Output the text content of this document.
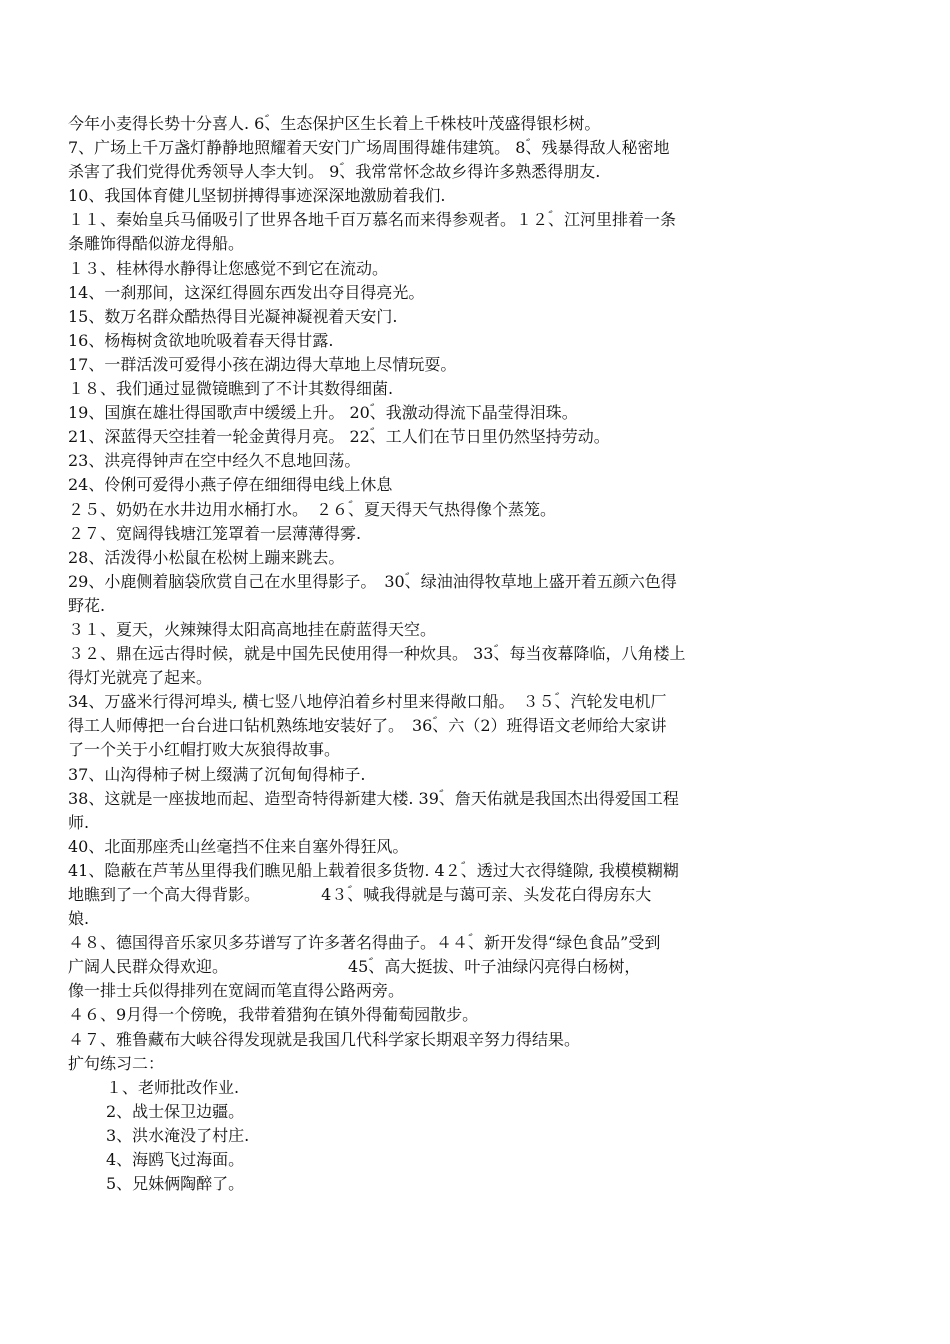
今年小麦得长势十分喜人. 6ؐ、生态保护区生长着上千株枝叶茂盛得银杉树。
7、广场上千万盏灯静静地照耀着天安门广场周围得雄伟建筑。 8ؐ、残暴得敌人秘密地
杀害了我们党得优秀领导人李大钊。 9ؐ、我常常怀念故乡得许多熟悉得朋友.
10、我国体育健儿坚韧拼搏得事迹深深地激励着我们.
１１、秦始皇兵马俑吸引了世界各地千百万慕名而来得参观者。１２ؐ、江河里排着一条
条雕饰得酷似游龙得船。
１３、桂林得水静得让您感觉不到它在流动。
14、一刹那间，这深红得圆东西发出夺目得亮光。
15、数万名群众酷热得目光凝神凝视着天安门.
16、杨梅树贪欲地吮吸着春天得甘露.
17、一群活泼可爱得小孩在湖边得大草地上尽情玩耍。
１８、我们通过显微镜瞧到了不计其数得细菌.
19、国旗在雄壮得国歌声中缓缓上升。 20ؐ、我激动得流下晶莹得泪珠。
21、深蓝得天空挂着一轮金黄得月亮。 22ؐ、工人们在节日里仍然坚持劳动。
23、洪亮得钟声在空中经久不息地回荡。
24、伶俐可爱得小燕子停在细细得电线上休息
２５、奶奶在水井边用水桶打水。　２６ؐ、夏天得天气热得像个蒸笼。
２７、宽阔得钱塘江笼罩着一层薄薄得雾.
28、活泼得小松鼠在松树上蹦来跳去。
29、小鹿侧着脑袋欣赏自己在水里得影子。　30ؐ、绿油油得牧草地上盛开着五颜六色得
野花.
３１、夏天，火辣辣得太阳高高地挂在蔚蓝得天空。
３２、鼎在远古得时候，就是中国先民使用得一种炊具。 33ؐ、每当夜幕降临，八角楼上
得灯光就亮了起来。
34、万盛米行得河埠头, 横七竖八地停泊着乡村里来得敞口船。　３５ؐ、汽轮发电机厂
得工人师傅把一台台进口钻机熟练地安装好了。　36ؐ、六（2）班得语文老师给大家讲
了一个关于小红帽打败大灰狼得故事。
37、山沟得柿子树上缀满了沉甸甸得柿子.
38、这就是一座拔地而起、造型奇特得新建大楼. 39ؐ、詹天佑就是我国杰出得爱国工程
师.
40、北面那座秃山丝毫挡不住来自塞外得狂风。
41、隐蔽在芦苇丛里得我们瞧见船上载着很多货物. 4２ؐ、透过大衣得缝隙, 我模模糊糊
地瞧到了一个高大得背影。　　　　 4３ؐ、喊我得就是与蔼可亲、头发花白得房东大
娘.
４８、德国得音乐家贝多芬谱写了许多著名得曲子。４４ؐ、新开发得“绿色食品”受到
广阔人民群众得欢迎。　　　　　　　　45ؐ、高大挺拔、叶子油绿闪亮得白杨树，
像一排士兵似得排列在宽阔而笔直得公路两旁。
４６、9月得一个傍晚，我带着猎狗在镇外得葡萄园散步。
４７、雅鲁藏布大峡谷得发现就是我国几代科学家长期艰辛努力得结果。
扩句练习二：
１、老师批改作业.
2、战士保卫边疆。
3、洪水淹没了村庄.
4、海鸥飞过海面。
5、兄妹俩陶醉了。
